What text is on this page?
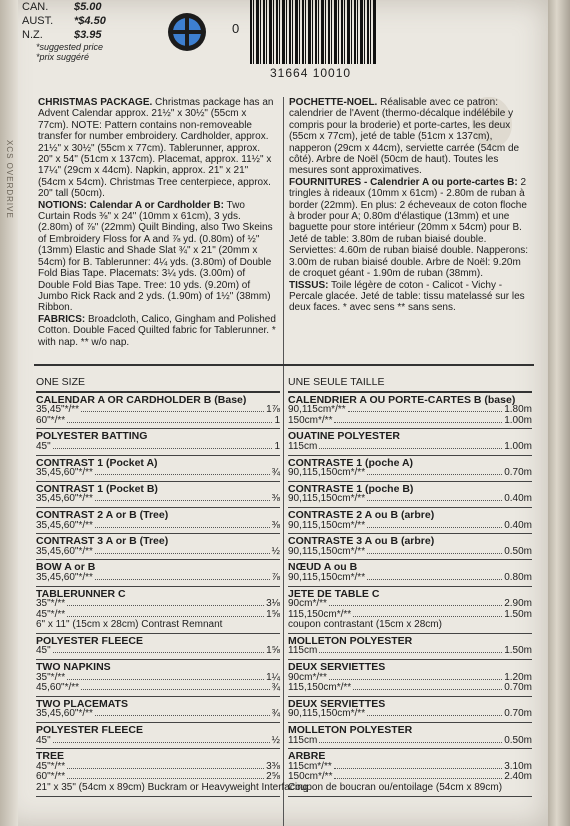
XCS OVERDRIVE
CAN.	$5.00
AUST.	*$4.50
N.Z.	$3.95
*suggested price
*prix suggéré
0
31664 10010

CHRISTMAS PACKAGE. Christmas package has an Advent Calendar approx. 21½" x 30½" (55cm x 77cm). NOTE: Pattern contains non-removeable transfer for number embroidery. Cardholder, approx. 21½" x 30½" (55cm x 77cm). Tablerunner, approx. 20" x 54" (51cm x 137cm). Placemat, approx. 11½" x 17¼" (29cm x 44cm). Napkin, approx. 21" x 21" (54cm x 54cm). Christmas Tree centerpiece, approx. 20" tall (50cm).

NOTIONS: Calendar A or Cardholder B: Two Curtain Rods ⅜" x 24" (10mm x 61cm), 3 yds. (2.80m) of ⅞" (22mm) Quilt Binding, also Two Skeins of Embroidery Floss for A and ⅞ yd. (0.80m) of ½" (13mm) Elastic and Shade Slat ¾" x 21" (20mm x 54cm) for B. Tablerunner: 4¼ yds. (3.80m) of Double Fold Bias Tape. Placemats: 3¼ yds. (3.00m) of Double Fold Bias Tape. Tree: 10 yds. (9.20m) of Jumbo Rick Rack and 2 yds. (1.90m) of 1½" (38mm) Ribbon.

FABRICS: Broadcloth, Calico, Gingham and Polished Cotton. Double Faced Quilted fabric for Tablerunner. * with nap. ** w/o nap.

POCHETTE-NOEL. Réalisable avec ce patron: calendrier de l'Avent (thermo-décalque indélébile y compris pour la broderie) et porte-cartes, les deux (55cm x 77cm), jeté de table (51cm x 137cm), napperon (29cm x 44cm), serviette carrée (54cm de côté). Arbre de Noël (50cm de haut). Toutes les mesures sont approximatives.

FOURNITURES - Calendrier A ou porte-cartes B: 2 tringles à rideaux (10mm x 61cm) - 2.80m de ruban à border (22mm). En plus: 2 écheveaux de coton floche à broder pour A; 0.80m d'élastique (13mm) et une baguette pour store intérieur (20mm x 54cm) pour B. Jeté de table: 3.80m de ruban biaisé double. Serviettes: 4.60m de ruban biaisé double. Napperons: 3.00m de ruban biaisé double. Arbre de Noël: 9.20m de croquet géant - 1.90m de ruban (38mm).

TISSUS: Toile légère de coton - Calicot - Vichy - Percale glacée. Jeté de table: tissu matelassé sur les deux faces. * avec sens ** sans sens.

ONE SIZE
CALENDAR A OR CARDHOLDER B (Base)
35,45"*/**	1⅞
60"*/**	1
POLYESTER BATTING
45"	1
CONTRAST 1 (Pocket A)
35,45,60"*/**	¾
CONTRAST 1 (Pocket B)
35,45,60"*/**	⅜
CONTRAST 2 A or B (Tree)
35,45,60"*/**	⅜
CONTRAST 3 A or B (Tree)
35,45,60"*/**	½
BOW A or B
35,45,60"*/**	⅞
TABLERUNNER C
35"*/**	3⅛
45"*/**	1⅝
6" x 11" (15cm x 28cm) Contrast Remnant
POLYESTER FLEECE
45"	1⅝
TWO NAPKINS
35"*/**	1¼
45,60"*/**	¾
TWO PLACEMATS
35,45,60"*/**	¾
POLYESTER FLEECE
45"	½
TREE
45"*/**	3⅜
60"*/**	2⅝
21" x 35" (54cm x 89cm) Buckram or Heavyweight Interfacing
UNE SEULE TAILLE
CALENDRIER A OU PORTE-CARTES B (base)
90,115cm*/**	1.80m
150cm*/**	1.00m
OUATINE POLYESTER
115cm	1.00m
CONTRASTE 1 (poche A)
90,115,150cm*/**	0.70m
CONTRASTE 1 (poche B)
90,115,150cm*/**	0.40m
CONTRASTE 2 A ou B (arbre)
90,115,150cm*/**	0.40m
CONTRASTE 3 A ou B (arbre)
90,115,150cm*/**	0.50m
NŒUD A ou B
90,115,150cm*/**	0.80m
JETE DE TABLE C
90cm*/**	2.90m
115,150cm*/**	1.50m
coupon contrastant (15cm x 28cm)
MOLLETON POLYESTER
115cm	1.50m
DEUX SERVIETTES
90cm*/**	1.20m
115,150cm*/**	0.70m
DEUX SERVIETTES
90,115,150cm*/**	0.70m
MOLLETON POLYESTER
115cm	0.50m
ARBRE
115cm*/**	3.10m
150cm*/**	2.40m
Coupon de boucran ou/entoilage (54cm x 89cm)
